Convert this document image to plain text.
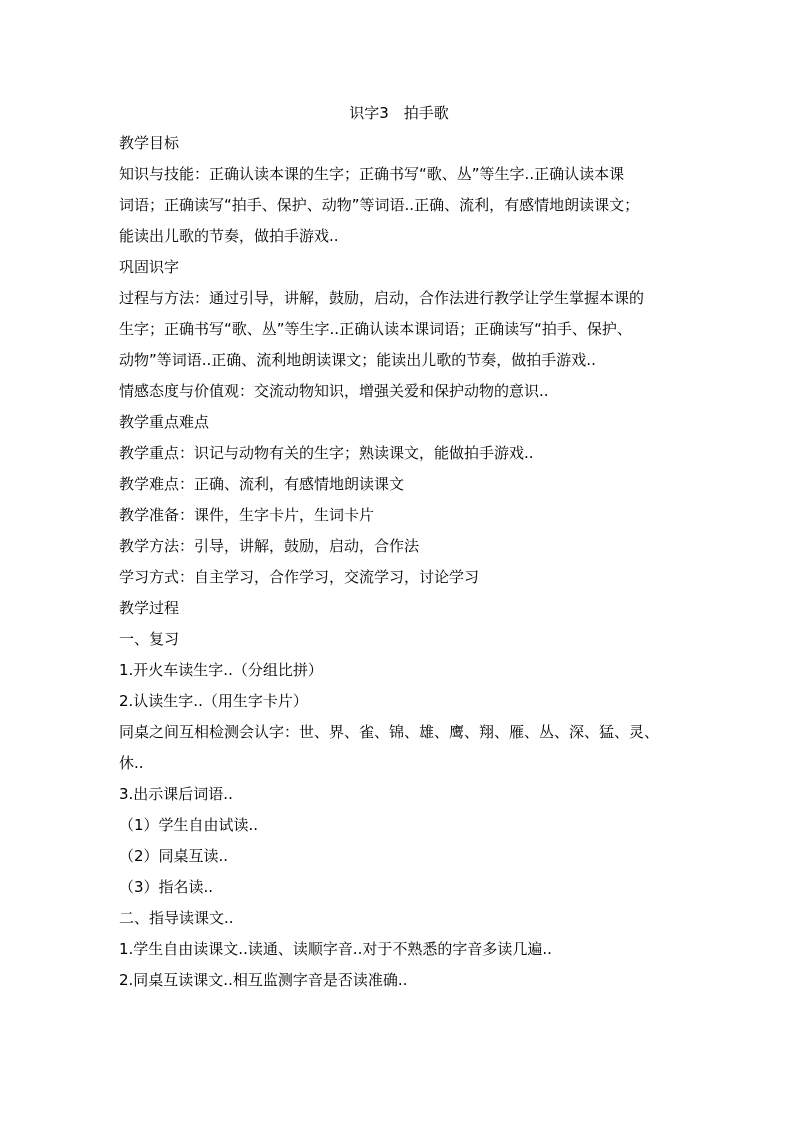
识字3　拍手歌
教学目标
知识与技能：正确认读本课的生字；正确书写“歌、丛”等生字..正确认读本课
词语；正确读写“拍手、保护、动物”等词语..正确、流利，有感情地朗读课文；
能读出儿歌的节奏，做拍手游戏..
巩固识字
过程与方法：通过引导，讲解，鼓励，启动，合作法进行教学让学生掌握本课的
生字；正确书写“歌、丛”等生字..正确认读本课词语；正确读写“拍手、保护、
动物”等词语..正确、流利地朗读课文；能读出儿歌的节奏，做拍手游戏..
情感态度与价值观：交流动物知识，增强关爱和保护动物的意识..
教学重点难点
教学重点：识记与动物有关的生字；熟读课文，能做拍手游戏..
教学难点：正确、流利，有感情地朗读课文
教学准备：课件，生字卡片，生词卡片
教学方法：引导，讲解，鼓励，启动，合作法
学习方式：自主学习，合作学习，交流学习，讨论学习
教学过程
一、复习
1.开火车读生字..（分组比拼）
2.认读生字..（用生字卡片）
同桌之间互相检测会认字：世、界、雀、锦、雄、鹰、翔、雁、丛、深、猛、灵、
休..
3.出示课后词语..
（1）学生自由试读..
（2）同桌互读..
（3）指名读..
二、指导读课文..
1.学生自由读课文..读通、读顺字音..对于不熟悉的字音多读几遍..
2.同桌互读课文..相互监测字音是否读准确..
